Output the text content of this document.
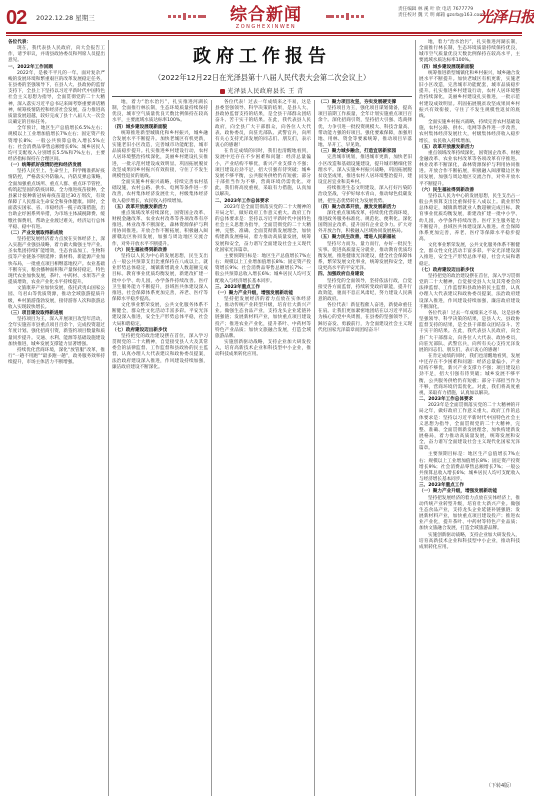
02 2022.12.28 星期三	综合新闻
ZONGHEXINWEN
责任编辑 林 溪 叶 欣 电话 7677779
责任校对 魏 天 明 邮箱 gzsrb@163.com
光泽日报
政府工作报告
（2022年12月22日在光泽县第十八届人民代表大会第二次会议上）
光泽县人民政府县长 王 青

各位代表：

现在，我代表县人民政府，向大会报告工作，请予审议，并请县政协委员和列席人员提出意见。

一、2022年工作回顾

2022年，是极不平凡的一年。面对复杂严峻的发展环境和繁重艰巨的改革发展稳定任务，在县委的坚强领导下，在县人大、县政协的监督支持下，全县上下坚持以习近平新时代中国特色社会主义思想为指导，全面贯彻党的二十大精神，深入落实习近平总书记来闽考察重要讲话精神，统筹疫情防控和经济社会发展，奋力推进高质量发展超越，较好完成了县十八届人大一次会议确定的目标任务。

全年预计，地区生产总值增长6.5%左右；规模以上工业增加值增长7%左右；固定资产投资增长8%；一般公共预算总收入增长5%左右；社会消费品零售总额增长6%；城乡居民人均可支配收入分别增长5.5%和7%左右，主要经济指标保持在合理区间。

（一）统筹抓好疫情防控和经济发展

坚持人民至上、生命至上，科学精准抓好疫情防控，严格落实外防输入、内防反弹总策略，全面加强重点场所、重点人群、重点环节管控，构筑起坚固的防疫屏障。全力推进疫苗接种，全县累计接种新冠病毒疫苗超过30万剂次，有效保障了人民群众生命安全和身体健康。同时，全面落实国家、省、市稳经济一揽子政策措施，出台助企纾困系列举措，为市场主体减税降费、缓缴社保费用，帮助企业渡过难关，经济运行总体平稳、稳中有进。

（二）产业发展取得新成效

坚持把发展经济着力点放在实体经济上，深入实施产业强县战略，着力做大做强主导产业。圣农集团持续扩能增效，生态食品加工、生物科技等产业链条不断延伸；新材料、新能源产业加快布局，一批重点项目相继落地投产。农业基础不断夯实，粮食播种面积和产量保持稳定，特色现代农业加快发展，茶叶、中药材、水果等产业提质增效，农业产业化水平持续提升。

文旅康养产业加快发展，依托武夷山国家公园、乌君山等优质资源，推动全域旅游提质升级，乡村旅游蓬勃发展，接待游客人次和旅游总收入实现较快增长。

（三）项目建设取得新进展

坚持项目为王，深入开展项目攻坚年活动，全年实施省市县重点项目百余个，完成投资超过年度计划。强化招商引资，新签约项目数量和质量同步提升。交通、水利、能源等基础设施建设加快推进，城乡发展支撑能力显著增强。

持续优化营商环境，深化“放管服”改革，推行“一趟不用跑”“最多跑一趟”，政务服务效率持续提升，市场主体活力不断增强。

地，着力“治水治污”，扎实推进河湖长制，全面推行林长制，生态环境质量持续保持优良，城市空气质量优良天数比例保持在较高水平，主要流域水质达标率100%。

（四）城乡建设展现新面貌

统筹推进新型城镇化和乡村振兴，城乡融合发展水平不断提升。加快老城区有机更新，实施老旧小区改造，完善城市功能配套，城市品质稳步提升。扎实推进乡村建设行动，农村人居环境整治持续深化，美丽乡村建设扎实推进，一批示范村建设成效明显。巩固拓展脱贫攻坚成果同乡村振兴有效衔接，守住了不发生规模性返贫的底线。

全面实施乡村振兴战略，持续完善农村基础设施，农村公路、供水、电网等条件进一步改善，农村集体经济发展壮大，村级集体经济收入稳步增长，农民收入持续增加。

（五）改革开放激发新活力

重点领域改革持续深化，国资国企改革、财税金融改革、农业农村改革等各项改革有序推进。林业改革不断深化，森林资源保护与利用协同推进。开放合作不断拓展，积极融入闽浙赣边区协同发展，加强与周边地区交流合作，对外开放水平不断提升。

（六）民生福祉得到新改善

坚持以人民为中心的发展思想，民生支出占一般公共预算支出比重保持在八成以上。就业形势总体稳定，城镇新增就业人数超额完成目标。教育事业优质均衡发展，新建改扩建一批中小学、幼儿园，办学条件持续改善。医疗卫生服务能力不断提升，县域医共体建设深入推进。社会保障体系更加完善，养老、医疗等保障水平稳步提高。

文化事业繁荣发展，公共文化服务体系不断健全，群众性文化活动丰富多彩。平安光泽建设深入推进，安全生产形势总体平稳，社会大局和谐稳定。

（七）政府建设迈出新步伐

坚持把党的政治建设摆在首位，深入学习贯彻党的二十大精神，自觉接受县人大及其常委会的法律监督、工作监督和县政协的民主监督，认真办理人大代表建议和政协委员提案，法治政府建设深入推进，作风建设持续加强，廉洁政府建设不断深化。

各位代表！过去一年成绩来之不易，这是县委坚强领导、科学决策的结果，是县人大、县政协监督支持的结果，是全县干部群众团结奋斗、苦干实干的结果。在此，我代表县人民政府，向全县广大干部群众，向各位人大代表、政协委员，向驻光部队、武警官兵，向所有关心支持光泽发展的同志们、朋友们，表示衷心的感谢！

在肯定成绩的同时，我们也清醒地看到，发展中还存在不少困难和问题：经济总量偏小，产业结构不够优，新兴产业支撑力不强；项目建设后劲不足，招大引强有待突破；城乡发展不够平衡，公共服务供给仍有短板；部分干部担当作为不够，营商环境仍需优化。对此，我们将高度重视，采取有力措施，认真加以解决。

二、2023年工作总体要求

2023年是全面贯彻落实党的二十大精神的开局之年，做好政府工作意义重大。政府工作的总体要求是：坚持以习近平新时代中国特色社会主义思想为指导，全面贯彻党的二十大精神，完整、准确、全面贯彻新发展理念，加快构建新发展格局，着力推动高质量发展，统筹发展和安全，奋力谱写全面建设社会主义现代化国家光泽篇章。

主要预期目标是：地区生产总值增长7%左右；规模以上工业增加值增长8%；固定资产投资增长9%；社会消费品零售总额增长7%；一般公共预算总收入增长6%；城乡居民人均可支配收入与经济增长基本同步。

三、2023年重点工作

（一）聚力产业升级，增强发展新动能

坚持把发展经济的着力点放在实体经济上，推动传统产业转型升级，培育壮大新兴产业。做强生态食品产业，支持龙头企业延链补链强链；发展新材料产业，加快重点项目建设投产；推进农业产业化，提升茶叶、中药材等特色产业品质；加快文旅融合发展，打造全域旅游品牌。

实施创新驱动战略，支持企业加大研发投入，培育高新技术企业和科技型中小企业，推动科技成果转化应用。

（二）聚力项目攻坚，夯实发展硬支撑

坚持项目为王，强化项目谋划储备，提高项目前期工作质量，全年计划实施重点项目百余个。深化招商引资，坚持招大引强、选商择优，力争引进一批投资规模大、科技含量高、带动能力强的好项目。强化要素保障，加强用地、用林、资金等要素统筹，推动项目早落地、早开工、早见效。

（三）聚力城乡融合，打造宜居新家园

完善城市规划，推进城市更新，加快老旧小区改造和基础设施建设，提升城市精细化管理水平。深入实施乡村振兴战略，巩固拓展脱贫攻坚成果，推进农村人居环境整治提升，建设宜居宜业和美乡村。

持续推进生态文明建设，深入打好污染防治攻坚战，守护好绿水青山，推动绿色低碳发展，把生态优势转化为发展优势。

（四）聚力改革开放，激发发展新活力

深化重点领域改革，持续优化营商环境，推进政务服务标准化、规范化、便利化。深化国资国企改革，提升国有企业竞争力。扩大对外开放合作，积极融入区域协同发展格局。

（五）聚力民生改善，增进人民新福祉

坚持尽力而为、量力而行，办好一批民生实事。促进高质量充分就业，推动教育优质均衡发展，推进健康光泽建设，健全社会保障体系，繁荣发展文化事业，统筹发展和安全，建设更高水平的平安光泽。

四、加强政府自身建设

坚持党的全面领导，坚持依法行政，自觉接受各方面监督，持续转变政府职能，提升行政效能，驰而不息正风肃纪，努力建设人民满意的政府。

各位代表！新征程催人奋进，新使命重任在肩。让我们更加紧密地团结在以习近平同志为核心的党中央周围，在县委的坚强领导下，踔厉奋发、勇毅前行，为全面建设社会主义现代化国家光泽篇章而团结奋斗！

地，着力“治水治污”，扎实推进河湖长制，全面推行林长制，生态环境质量持续保持优良，城市空气质量优良天数比例保持在较高水平，主要流域水质达标率100%。

（四）城乡建设展现新面貌

统筹推进新型城镇化和乡村振兴，城乡融合发展水平不断提升。加快老城区有机更新，实施老旧小区改造，完善城市功能配套，城市品质稳步提升。扎实推进乡村建设行动，农村人居环境整治持续深化，美丽乡村建设扎实推进，一批示范村建设成效明显。巩固拓展脱贫攻坚成果同乡村振兴有效衔接，守住了不发生规模性返贫的底线。

全面实施乡村振兴战略，持续完善农村基础设施，农村公路、供水、电网等条件进一步改善，农村集体经济发展壮大，村级集体经济收入稳步增长，农民收入持续增加。

（五）改革开放激发新活力

重点领域改革持续深化，国资国企改革、财税金融改革、农业农村改革等各项改革有序推进。林业改革不断深化，森林资源保护与利用协同推进。开放合作不断拓展，积极融入闽浙赣边区协同发展，加强与周边地区交流合作，对外开放水平不断提升。

（六）民生福祉得到新改善

坚持以人民为中心的发展思想，民生支出占一般公共预算支出比重保持在八成以上。就业形势总体稳定，城镇新增就业人数超额完成目标。教育事业优质均衡发展，新建改扩建一批中小学、幼儿园，办学条件持续改善。医疗卫生服务能力不断提升，县域医共体建设深入推进。社会保障体系更加完善，养老、医疗等保障水平稳步提高。

文化事业繁荣发展，公共文化服务体系不断健全，群众性文化活动丰富多彩。平安光泽建设深入推进，安全生产形势总体平稳，社会大局和谐稳定。

（七）政府建设迈出新步伐

坚持把党的政治建设摆在首位，深入学习贯彻党的二十大精神，自觉接受县人大及其常委会的法律监督、工作监督和县政协的民主监督，认真办理人大代表建议和政协委员提案，法治政府建设深入推进，作风建设持续加强，廉洁政府建设不断深化。

各位代表！过去一年成绩来之不易，这是县委坚强领导、科学决策的结果，是县人大、县政协监督支持的结果，是全县干部群众团结奋斗、苦干实干的结果。在此，我代表县人民政府，向全县广大干部群众，向各位人大代表、政协委员，向驻光部队、武警官兵，向所有关心支持光泽发展的同志们、朋友们，表示衷心的感谢！

在肯定成绩的同时，我们也清醒地看到，发展中还存在不少困难和问题：经济总量偏小，产业结构不够优，新兴产业支撑力不强；项目建设后劲不足，招大引强有待突破；城乡发展不够平衡，公共服务供给仍有短板；部分干部担当作为不够，营商环境仍需优化。对此，我们将高度重视，采取有力措施，认真加以解决。

二、2023年工作总体要求

2023年是全面贯彻落实党的二十大精神的开局之年，做好政府工作意义重大。政府工作的总体要求是：坚持以习近平新时代中国特色社会主义思想为指导，全面贯彻党的二十大精神，完整、准确、全面贯彻新发展理念，加快构建新发展格局，着力推动高质量发展，统筹发展和安全，奋力谱写全面建设社会主义现代化国家光泽篇章。

主要预期目标是：地区生产总值增长7%左右；规模以上工业增加值增长8%；固定资产投资增长9%；社会消费品零售总额增长7%；一般公共预算总收入增长6%；城乡居民人均可支配收入与经济增长基本同步。

三、2023年重点工作

（一）聚力产业升级，增强发展新动能

坚持把发展经济的着力点放在实体经济上，推动传统产业转型升级，培育壮大新兴产业。做强生态食品产业，支持龙头企业延链补链强链；发展新材料产业，加快重点项目建设投产；推进农业产业化，提升茶叶、中药材等特色产业品质；加快文旅融合发展，打造全域旅游品牌。

实施创新驱动战略，支持企业加大研发投入，培育高新技术企业和科技型中小企业，推动科技成果转化应用。

（下转4版）
